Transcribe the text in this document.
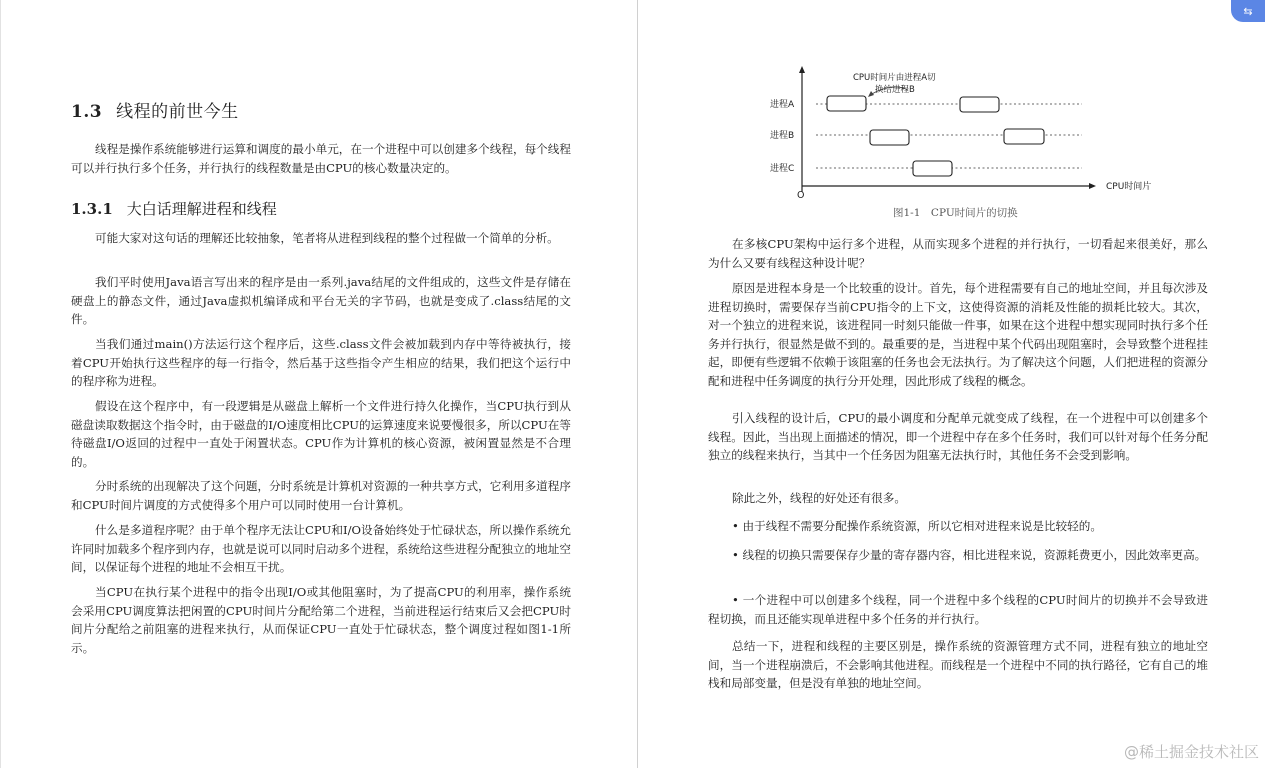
1.3 线程的前世今生

线程是操作系统能够进行运算和调度的最小单元，在一个进程中可以创建多个线程，每个线程可以并行执行多个任务，并行执行的线程数量是由CPU的核心数量决定的。

1.3.1 大白话理解进程和线程

可能大家对这句话的理解还比较抽象，笔者将从进程到线程的整个过程做一个简单的分析。

我们平时使用Java语言写出来的程序是由一系列.java结尾的文件组成的，这些文件是存储在硬盘上的静态文件，通过Java虚拟机编译成和平台无关的字节码，也就是变成了.class结尾的文件。

当我们通过main()方法运行这个程序后，这些.class文件会被加载到内存中等待被执行，接着CPU开始执行这些程序的每一行指令，然后基于这些指令产生相应的结果，我们把这个运行中的程序称为进程。

假设在这个程序中，有一段逻辑是从磁盘上解析一个文件进行持久化操作，当CPU执行到从磁盘读取数据这个指令时，由于磁盘的I/O速度相比CPU的运算速度来说要慢很多，所以CPU在等待磁盘I/O返回的过程中一直处于闲置状态。CPU作为计算机的核心资源，被闲置显然是不合理的。

分时系统的出现解决了这个问题，分时系统是计算机对资源的一种共享方式，它利用多道程序和CPU时间片调度的方式使得多个用户可以同时使用一台计算机。

什么是多道程序呢？由于单个程序无法让CPU和I/O设备始终处于忙碌状态，所以操作系统允许同时加载多个程序到内存，也就是说可以同时启动多个进程，系统给这些进程分配独立的地址空间，以保证每个进程的地址不会相互干扰。

当CPU在执行某个进程中的指令出现I/O或其他阻塞时，为了提高CPU的利用率，操作系统会采用CPU调度算法把闲置的CPU时间片分配给第二个进程，当前进程运行结束后又会把CPU时间片分配给之前阻塞的进程来执行，从而保证CPU一直处于忙碌状态，整个调度过程如图1-1所示。

CPU时间片由进程A切
换给进程B
进程A
进程B
进程C
CPU时间片
O
图1-1　CPU时间片的切换

在多核CPU架构中运行多个进程，从而实现多个进程的并行执行，一切看起来很美好，那么为什么又要有线程这种设计呢？

原因是进程本身是一个比较重的设计。首先，每个进程需要有自己的地址空间，并且每次涉及进程切换时，需要保存当前CPU指令的上下文，这使得资源的消耗及性能的损耗比较大。其次，对一个独立的进程来说，该进程同一时刻只能做一件事，如果在这个进程中想实现同时执行多个任务并行执行，很显然是做不到的。最重要的是，当进程中某个代码出现阻塞时，会导致整个进程挂起，即便有些逻辑不依赖于该阻塞的任务也会无法执行。为了解决这个问题，人们把进程的资源分配和进程中任务调度的执行分开处理，因此形成了线程的概念。

引入线程的设计后，CPU的最小调度和分配单元就变成了线程，在一个进程中可以创建多个线程。因此，当出现上面描述的情况，即一个进程中存在多个任务时，我们可以针对每个任务分配独立的线程来执行，当其中一个任务因为阻塞无法执行时，其他任务不会受到影响。

除此之外，线程的好处还有很多。

• 由于线程不需要分配操作系统资源，所以它相对进程来说是比较轻的。

• 线程的切换只需要保存少量的寄存器内容，相比进程来说，资源耗费更小，因此效率更高。

• 一个进程中可以创建多个线程，同一个进程中多个线程的CPU时间片的切换并不会导致进程切换，而且还能实现单进程中多个任务的并行执行。

总结一下，进程和线程的主要区别是，操作系统的资源管理方式不同，进程有独立的地址空间，当一个进程崩溃后，不会影响其他进程。而线程是一个进程中不同的执行路径，它有自己的堆栈和局部变量，但是没有单独的地址空间。

⇆
@稀土掘金技术社区
